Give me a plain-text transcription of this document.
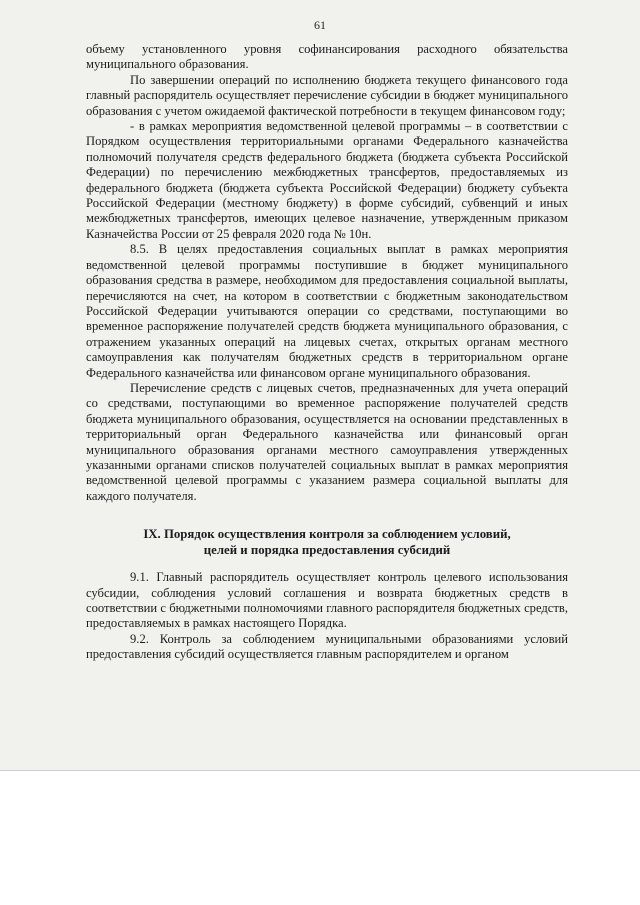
61

объему установленного уровня софинансирования расходного обязательства муниципального образования.

По завершении операций по исполнению бюджета текущего финансового года главный распорядитель осуществляет перечисление субсидии в бюджет муниципального образования с учетом ожидаемой фактической потребности в текущем финансовом году;

- в рамках мероприятия ведомственной целевой программы – в соответствии с Порядком осуществления территориальными органами Федерального казначейства полномочий получателя средств федерального бюджета (бюджета субъекта Российской Федерации) по перечислению межбюджетных трансфертов, предоставляемых из федерального бюджета (бюджета субъекта Российской Федерации) бюджету субъекта Российской Федерации (местному бюджету) в форме субсидий, субвенций и иных межбюджетных трансфертов, имеющих целевое назначение, утвержденным приказом Казначейства России от 25 февраля 2020 года № 10н.

8.5. В целях предоставления социальных выплат в рамках мероприятия ведомственной целевой программы поступившие в бюджет муниципального образования средства в размере, необходимом для предоставления социальной выплаты, перечисляются на счет, на котором в соответствии с бюджетным законодательством Российской Федерации учитываются операции со средствами, поступающими во временное распоряжение получателей средств бюджета муниципального образования, с отражением указанных операций на лицевых счетах, открытых органам местного самоуправления как получателям бюджетных средств в территориальном органе Федерального казначейства или финансовом органе муниципального образования.

Перечисление средств с лицевых счетов, предназначенных для учета операций со средствами, поступающими во временное распоряжение получателей средств бюджета муниципального образования, осуществляется на основании представленных в территориальный орган Федерального казначейства или финансовый орган муниципального образования органами местного самоуправления утвержденных указанными органами списков получателей социальных выплат в рамках мероприятия ведомственной целевой программы с указанием размера социальной выплаты для каждого получателя.

IX. Порядок осуществления контроля за соблюдением условий,
целей и порядка предоставления субсидий

9.1. Главный распорядитель осуществляет контроль целевого использования субсидии, соблюдения условий соглашения и возврата бюджетных средств в соответствии с бюджетными полномочиями главного распорядителя бюджетных средств, предоставляемых в рамках настоящего Порядка.

9.2. Контроль за соблюдением муниципальными образованиями условий предоставления субсидий осуществляется главным распорядителем и органом
